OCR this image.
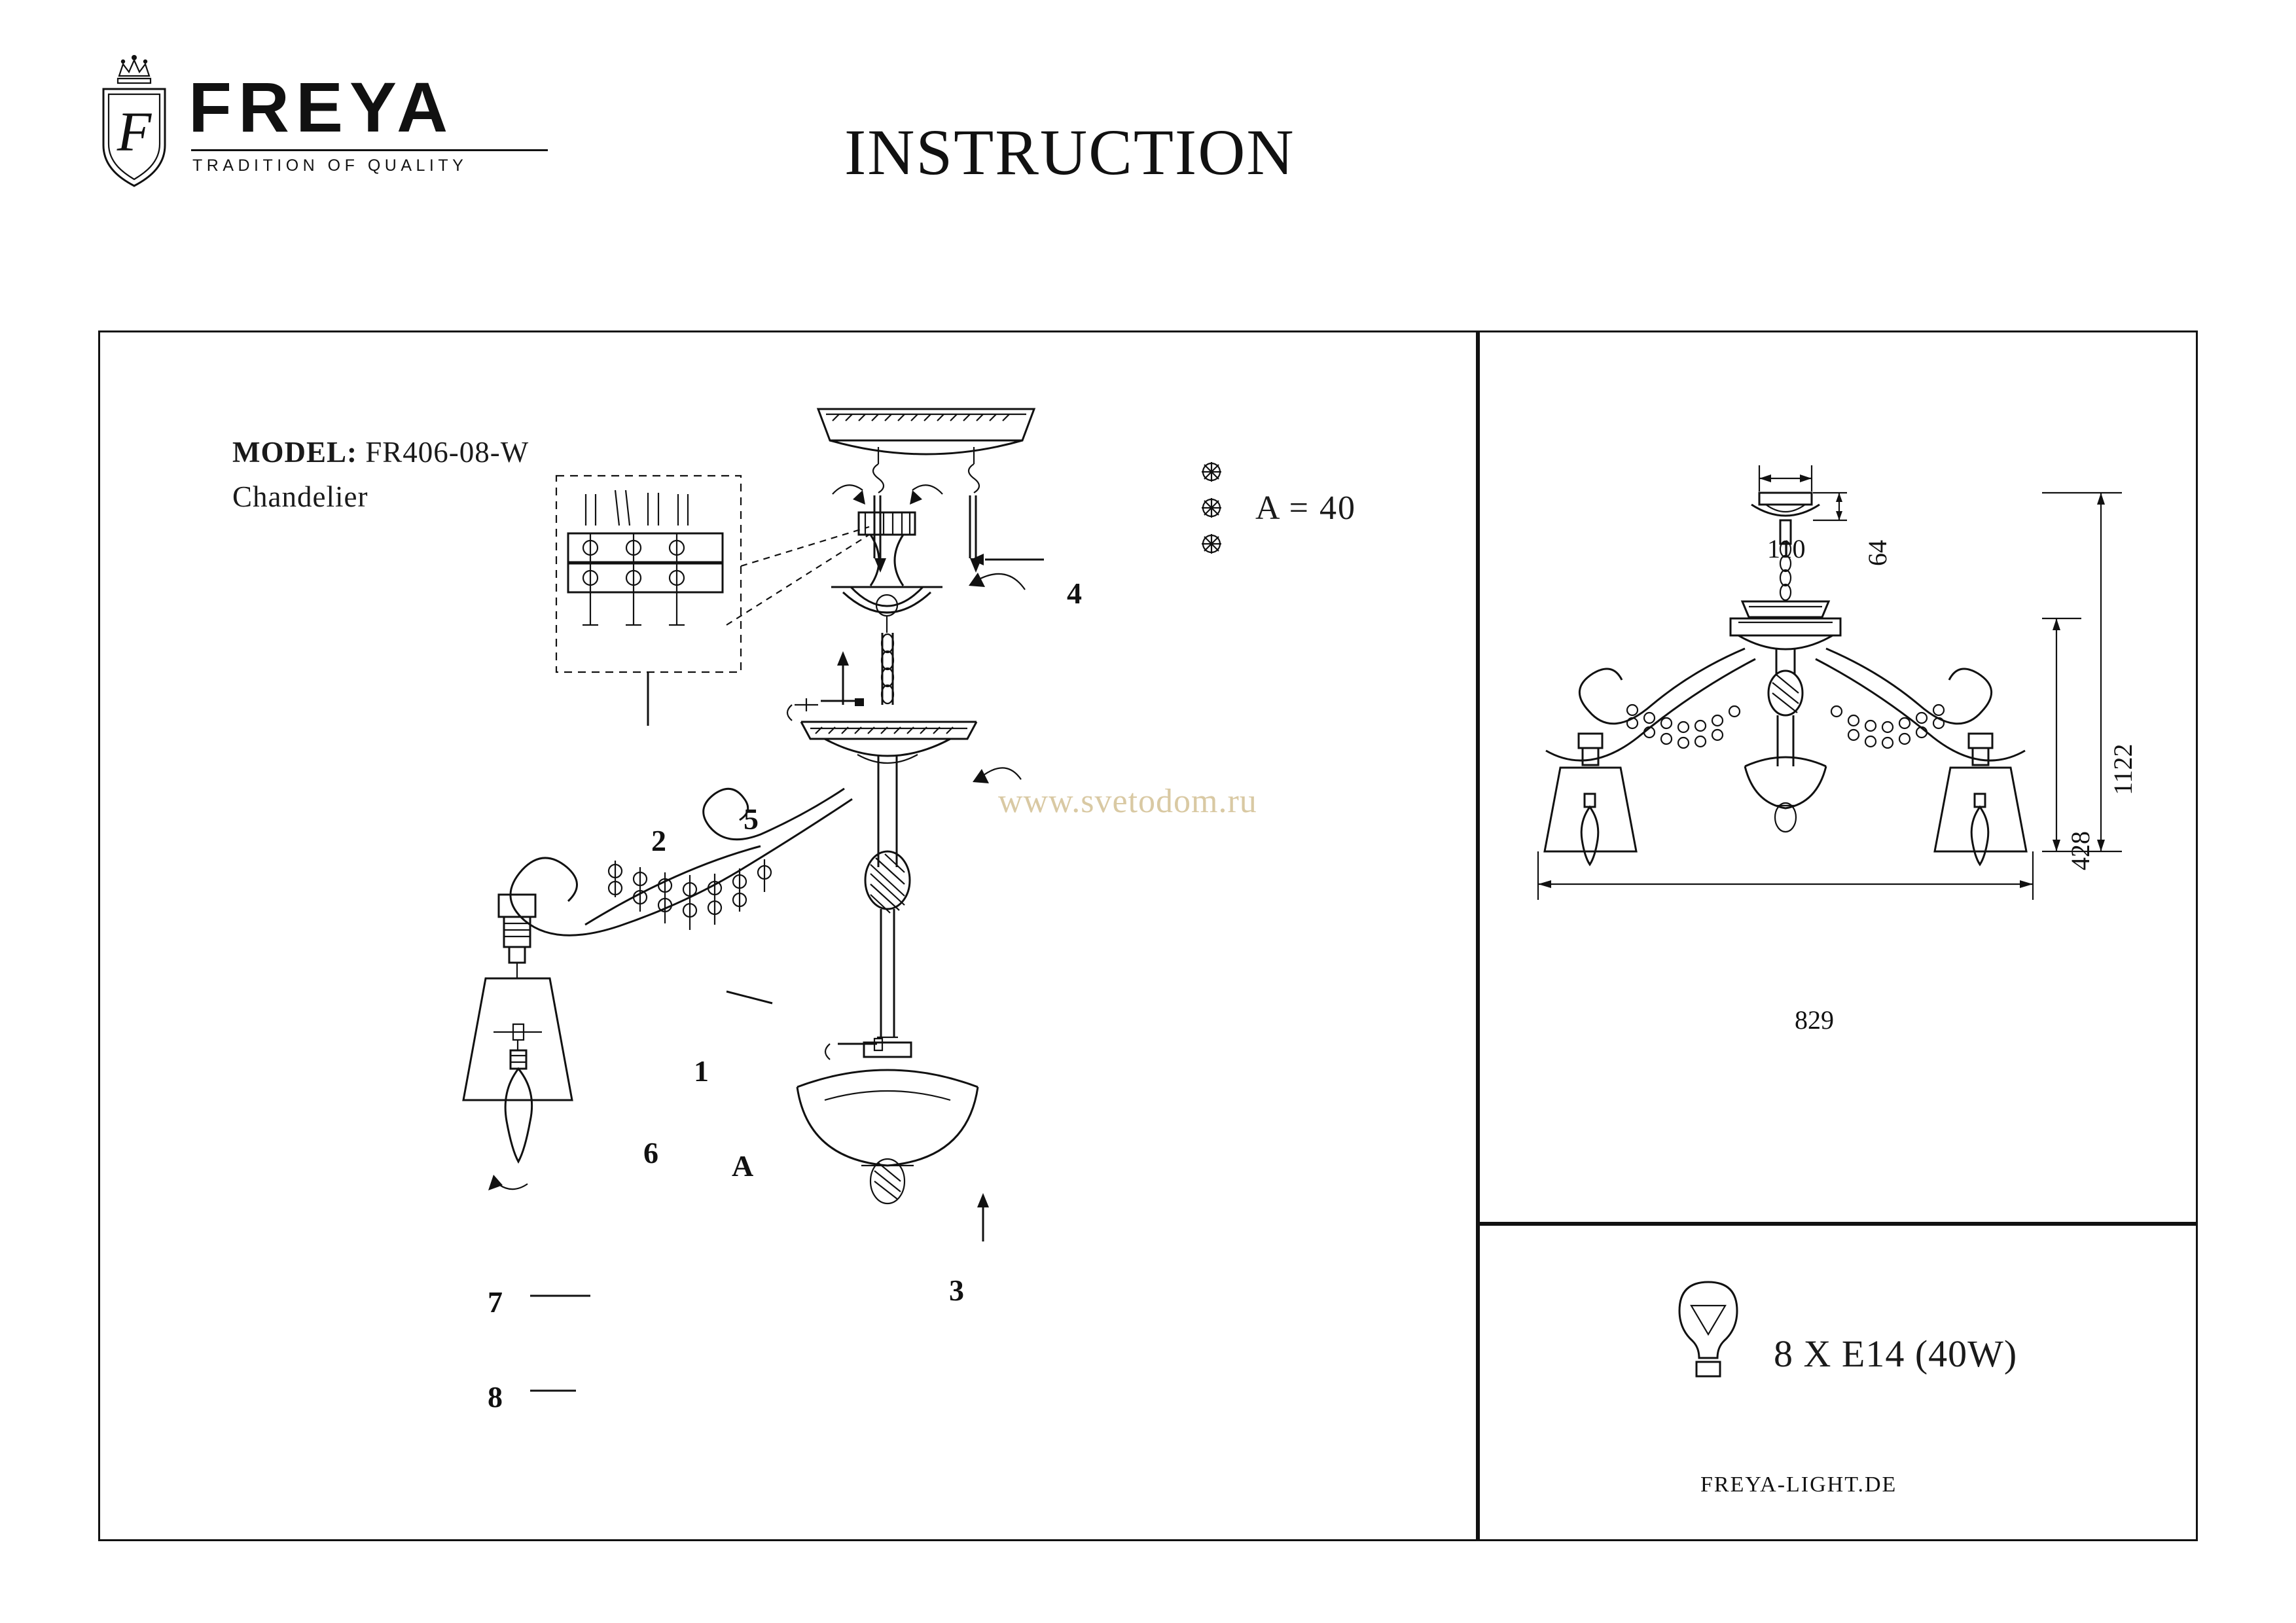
F FREYA
TRADITION OF QUALITY	INSTRUCTION
MODEL: FR406-08-W
Chandelier	A = 40
4
5
2
1
3
6
7
8
A
www.svetodom.ru
110 64
1122
428
829
8 X E14 (40W)
FREYA-LIGHT.DE
